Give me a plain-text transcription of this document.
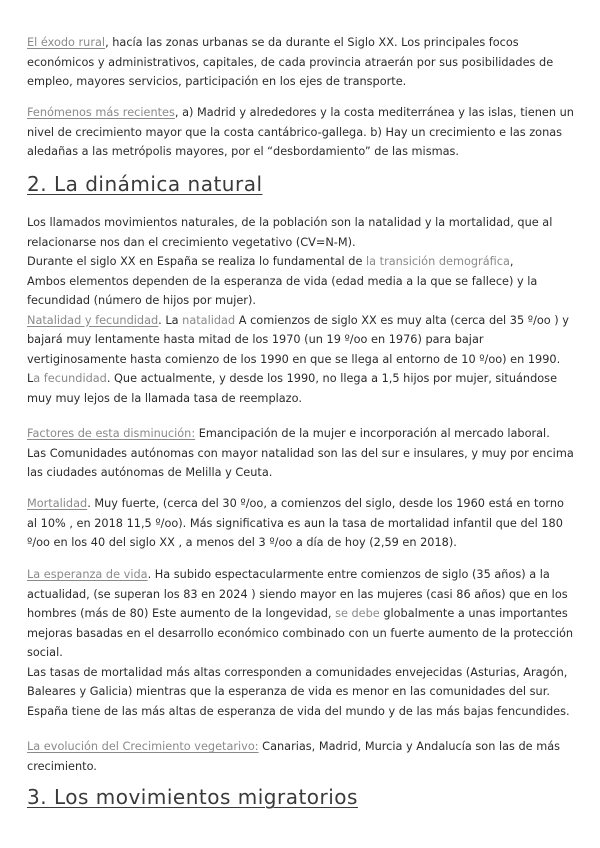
El éxodo rural, hacía las zonas urbanas se da durante el Siglo XX. Los principales focos económicos y administrativos, capitales, de cada provincia atraerán por sus posibilidades de empleo, mayores servicios, participación en los ejes de transporte.

Fenómenos más recientes, a) Madrid y alrededores y la costa mediterránea y las islas, tienen un nivel de crecimiento mayor que la costa cantábrico-gallega. b) Hay un crecimiento e las zonas aledañas a las metrópolis mayores, por el “desbordamiento” de las mismas.

2. La dinámica natural

Los llamados movimientos naturales, de la población son la natalidad y la mortalidad, que al relacionarse nos dan el crecimiento vegetativo (CV=N-M).
Durante el siglo XX en España se realiza lo fundamental de la transición demográfica,
Ambos elementos dependen de la esperanza de vida (edad media a la que se fallece) y la fecundidad (número de hijos por mujer).
Natalidad y fecundidad. La natalidad A comienzos de siglo XX es muy alta (cerca del 35 º/oo ) y bajará muy lentamente hasta mitad de los 1970 (un 19 º/oo en 1976) para bajar vertiginosamente hasta comienzo de los 1990 en que se llega al entorno de 10 º/oo) en 1990. La fecundidad. Que actualmente, y desde los 1990, no llega a 1,5 hijos por mujer, situándose muy muy lejos de la llamada tasa de reemplazo.

Factores de esta disminución: Emancipación de la mujer e incorporación al mercado laboral.
Las Comunidades autónomas con mayor natalidad son las del sur e insulares, y muy por encima las ciudades autónomas de Melilla y Ceuta.

Mortalidad. Muy fuerte, (cerca del 30 º/oo, a comienzos del siglo, desde los 1960 está en torno al 10% , en 2018 11,5 º/oo). Más significativa es aun la tasa de mortalidad infantil que del 180 º/oo en los 40 del siglo XX , a menos del 3 º/oo a día de hoy (2,59 en 2018).

La esperanza de vida. Ha subido espectacularmente entre comienzos de siglo (35 años) a la actualidad, (se superan los 83 en 2024 ) siendo mayor en las mujeres (casi 86 años) que en los hombres (más de 80) Este aumento de la longevidad, se debe globalmente a unas importantes mejoras basadas en el desarrollo económico combinado con un fuerte aumento de la protección social.
Las tasas de mortalidad más altas corresponden a comunidades envejecidas (Asturias, Aragón, Baleares y Galicia) mientras que la esperanza de vida es menor en las comunidades del sur.
España tiene de las más altas de esperanza de vida del mundo y de las más bajas fencundides.

La evolución del Crecimiento vegetarivo: Canarias, Madrid, Murcia y Andalucía son las de más crecimiento.

3. Los movimientos migratorios
